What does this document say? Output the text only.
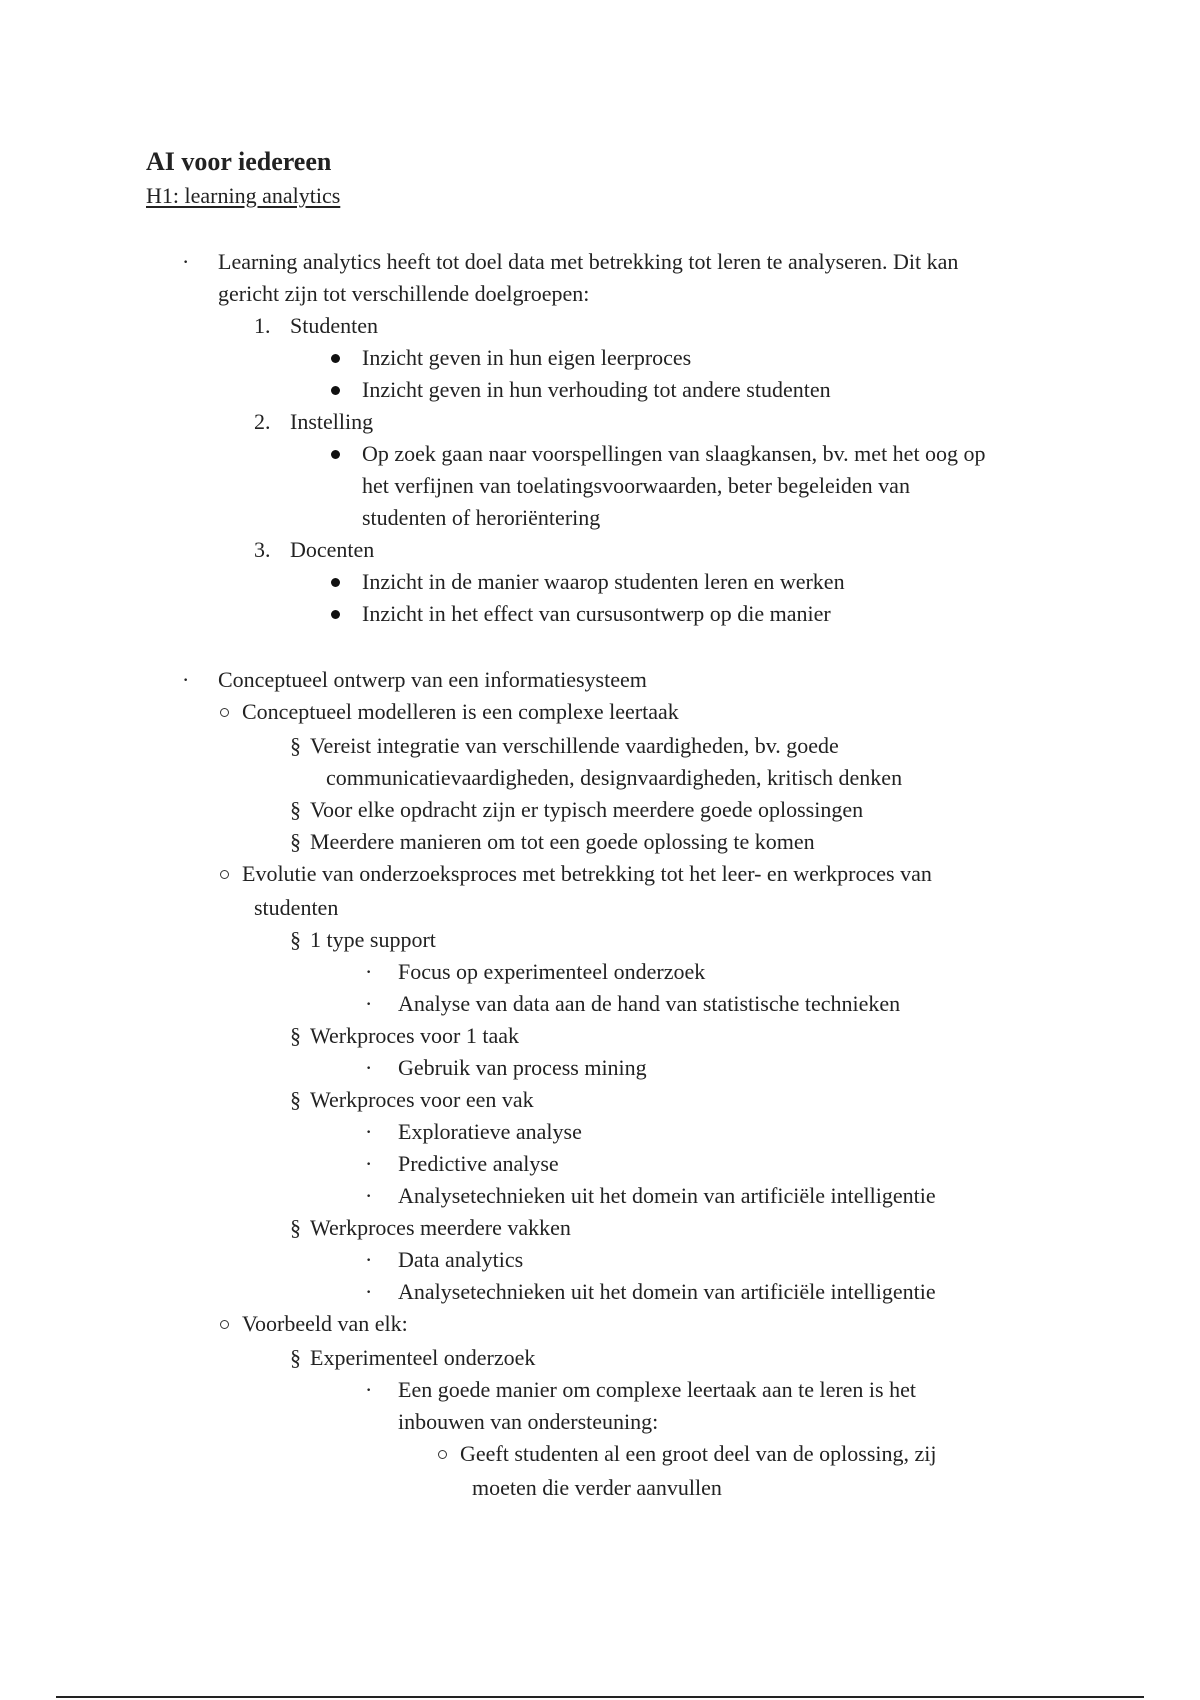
AI voor iedereen
H1: learning analytics
· Learning analytics heeft tot doel data met betrekking tot leren te analyseren. Dit kan
gericht zijn tot verschillende doelgroepen:
1. Studenten
Inzicht geven in hun eigen leerproces
Inzicht geven in hun verhouding tot andere studenten
2. Instelling
Op zoek gaan naar voorspellingen van slaagkansen, bv. met het oog op
het verfijnen van toelatingsvoorwaarden, beter begeleiden van
studenten of heroriëntering
3. Docenten
Inzicht in de manier waarop studenten leren en werken
Inzicht in het effect van cursusontwerp op die manier
· Conceptueel ontwerp van een informatiesysteem
Conceptueel modelleren is een complexe leertaak
§ Vereist integratie van verschillende vaardigheden, bv. goede
communicatievaardigheden, designvaardigheden, kritisch denken
§ Voor elke opdracht zijn er typisch meerdere goede oplossingen
§ Meerdere manieren om tot een goede oplossing te komen
Evolutie van onderzoeksproces met betrekking tot het leer- en werkproces van
studenten
§ 1 type support
· Focus op experimenteel onderzoek
· Analyse van data aan de hand van statistische technieken
§ Werkproces voor 1 taak
· Gebruik van process mining
§ Werkproces voor een vak
· Exploratieve analyse
· Predictive analyse
· Analysetechnieken uit het domein van artificiële intelligentie
§ Werkproces meerdere vakken
· Data analytics
· Analysetechnieken uit het domein van artificiële intelligentie
Voorbeeld van elk:
§ Experimenteel onderzoek
· Een goede manier om complexe leertaak aan te leren is het
inbouwen van ondersteuning:
Geeft studenten al een groot deel van de oplossing, zij
moeten die verder aanvullen
